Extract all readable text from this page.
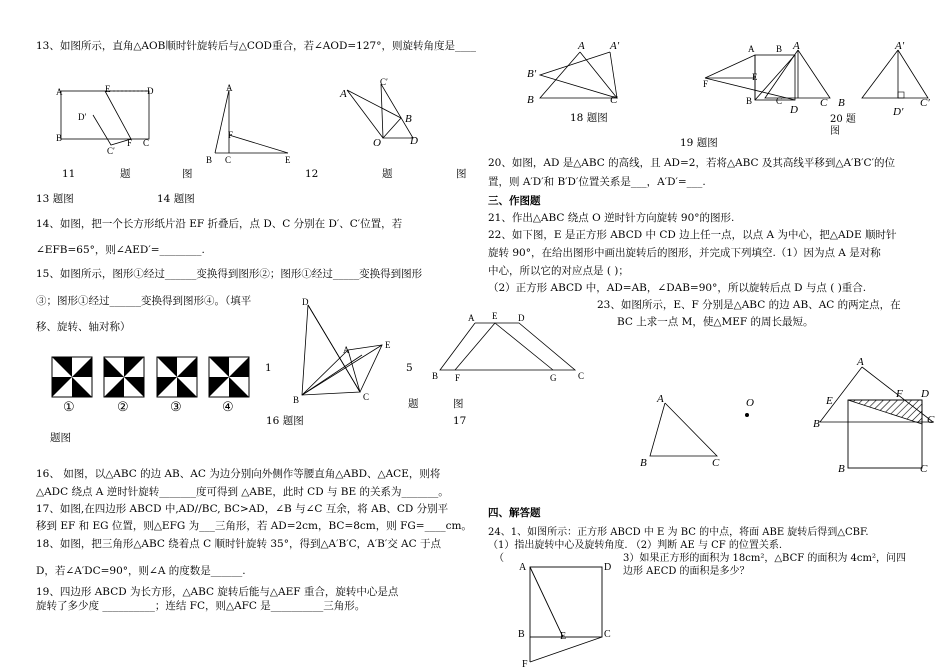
13、如图所示，直角△AOB顺时针旋转后与△COD重合，若∠AOD=127°，则旋转角度是____
A	E	D
D′
B	F C
C′
A
F
B C	E
C′
A
B
O	D
11	题	图	12	题	图
13 题图	14 题图
14、如图，把一个长方形纸片沿 EF 折叠后，点 D、C 分别在 D′、C′位置，若
∠EFB=65°，则∠AED′=________.
15、如图所示，图形①经过______变换得到图形②；图形①经过_____变换得到图形
③；图形①经过______变换得到图形④。（填平
移、旋转、轴对称）
①	②	③	④
题图
1
D
A	E
B	C
16 题图
5
题	图
17
A E D
B F	G C
16、 如图，以△ABC 的边 AB、AC 为边分别向外侧作等腰直角△ABD、△ACE，则将
△ADC 绕点 A 逆时针旋转_______度可得到 △ABE，此时 CD 与 BE 的关系为_______。
17、如图,在四边形 ABCD 中,AD//BC, BC>AD，∠B 与∠C 互余，将 AB、CD 分别平
移到 EF 和 EG 位置，则△EFG 为___三角形，若 AD=2cm，BC=8cm，则 FG=____cm。
18、如图，把三角形△ABC 绕着点 C 顺时针旋转 35°，得到△A′B′C，A′B′交 AC 于点
D，若∠A′DC=90°，则∠A 的度数是______.
19、四边形 ABCD 为长方形，△ABC 旋转后能与△AEF 重合，旋转中心是点
旋转了多少度 __________；连结 FC，则△AFC 是__________三角形。
A A′
B′
B	C
18 题图
A B
E
F
B	C
19 题图
A	A′
D
C B
D′
C′
20 题图
20、如图，AD 是△ABC 的高线，且 AD=2，若将△ABC 及其高线平移到△A′B′C′的位
置，则 A′D′和 B′D′位置关系是___，A′D′=___.
三、作图题
21、作出△ABC 绕点 O 逆时针方向旋转 90°的图形.
22、如下图，E 是正方形 ABCD 中 CD 边上任一点，以点 A 为中心，把△ADE 顺时针
旋转 90°，在给出图形中画出旋转后的图形，并完成下列填空.（1）因为点 A 是对称
中心，所以它的对应点是 ( )；
（2）正方形 ABCD 中，AD=AB，∠DAB=90°，所以旋转后点 D 与点 ( )重合.
23、如图所示，E、F 分别是△ABC 的边 AB、AC 的两定点，在
BC 上求一点 M，使△MEF 的周长最短。
A
B	C
O
A
E
F D
B	C
B	C
四、解答题
24、1、如图所示：正方形 ABCD 中 E 为 BC 的中点，将面 ABE 旋转后得到△CBF.
（1）指出旋转中心及旋转角度. （2）判断 AE 与 CF 的位置关系.
（	3）如果正方形的面积为 18cm²，△BCF 的面积为 4cm²，问四
边形 AECD 的面积是多少？
A	D
B	E	C
F
